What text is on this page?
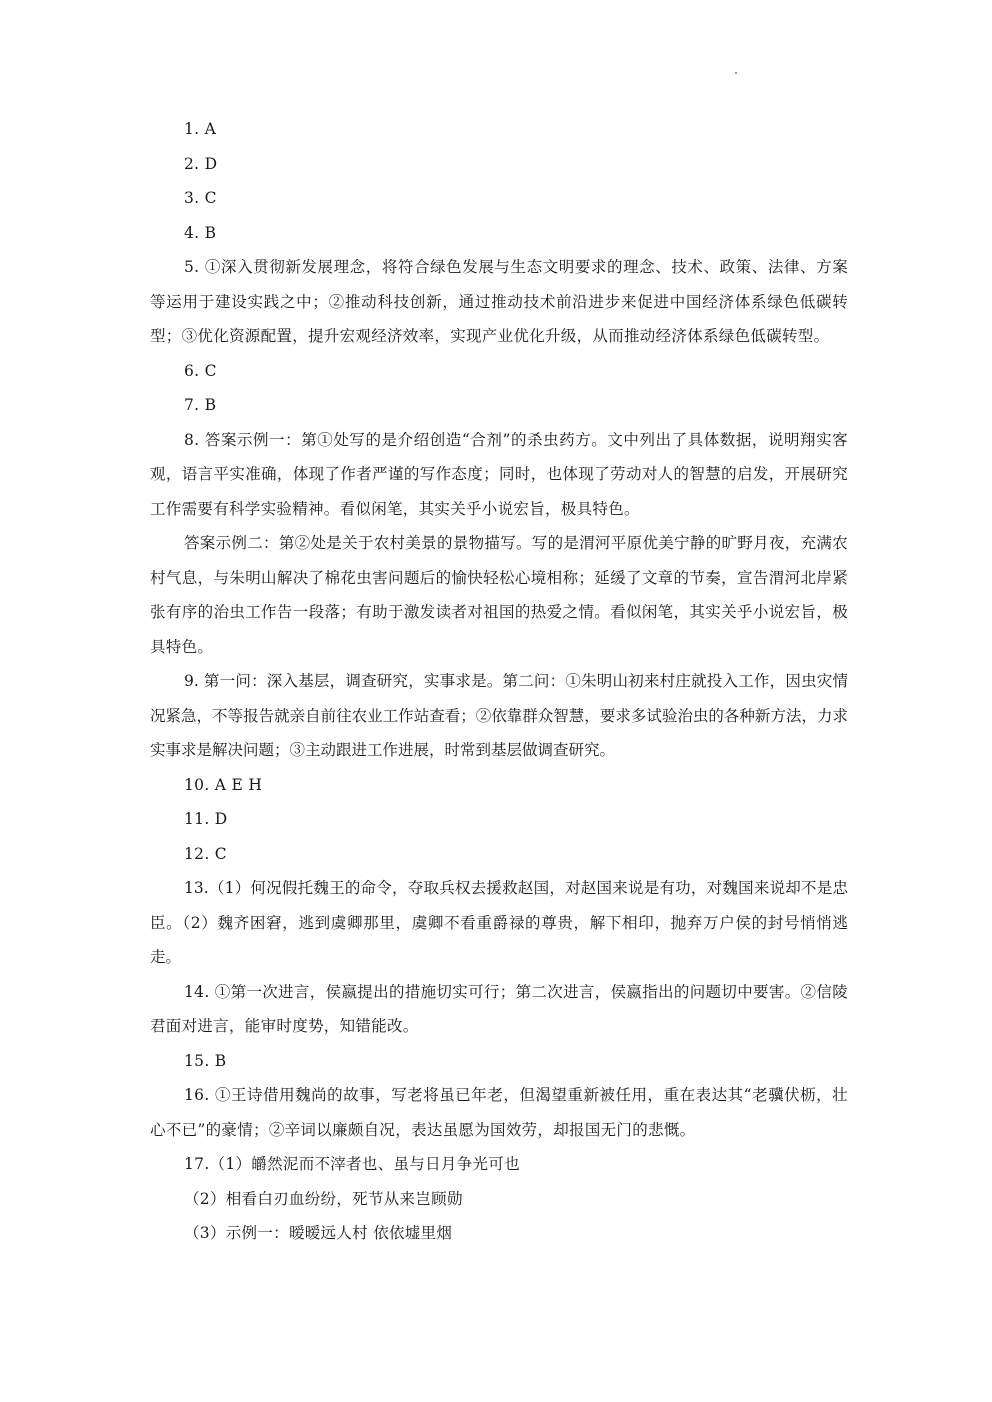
1. A

2. D

3. C

4. B

5. ①深入贯彻新发展理念，将符合绿色发展与生态文明要求的理念、技术、政策、法律、方案等运用于建设实践之中；②推动科技创新，通过推动技术前沿进步来促进中国经济体系绿色低碳转型；③优化资源配置，提升宏观经济效率，实现产业优化升级，从而推动经济体系绿色低碳转型。

6. C

7. B

8. 答案示例一：第①处写的是介绍创造“合剂”的杀虫药方。文中列出了具体数据，说明翔实客观，语言平实准确，体现了作者严谨的写作态度；同时，也体现了劳动对人的智慧的启发，开展研究工作需要有科学实验精神。看似闲笔，其实关乎小说宏旨，极具特色。

答案示例二：第②处是关于农村美景的景物描写。写的是渭河平原优美宁静的旷野月夜，充满农村气息，与朱明山解决了棉花虫害问题后的愉快轻松心境相称；延缓了文章的节奏，宣告渭河北岸紧张有序的治虫工作告一段落；有助于激发读者对祖国的热爱之情。看似闲笔，其实关乎小说宏旨，极具特色。

9. 第一问：深入基层，调查研究，实事求是。第二问：①朱明山初来村庄就投入工作，因虫灾情况紧急，不等报告就亲自前往农业工作站查看；②依靠群众智慧，要求多试验治虫的各种新方法，力求实事求是解决问题；③主动跟进工作进展，时常到基层做调查研究。

10. A E H

11. D

12. C

13.（1）何况假托魏王的命令，夺取兵权去援救赵国，对赵国来说是有功，对魏国来说却不是忠臣。（2）魏齐困窘，逃到虞卿那里，虞卿不看重爵禄的尊贵，解下相印，抛弃万户侯的封号悄悄逃走。

14. ①第一次进言，侯嬴提出的措施切实可行；第二次进言，侯嬴指出的问题切中要害。②信陵君面对进言，能审时度势，知错能改。

15. B

16. ①王诗借用魏尚的故事，写老将虽已年老，但渴望重新被任用，重在表达其“老骥伏枥，壮心不已”的豪情；②辛词以廉颇自况，表达虽愿为国效劳，却报国无门的悲慨。

17.（1）皭然泥而不滓者也、虽与日月争光可也

（2）相看白刃血纷纷，死节从来岂顾勋

（3）示例一：暧暧远人村 依依墟里烟
